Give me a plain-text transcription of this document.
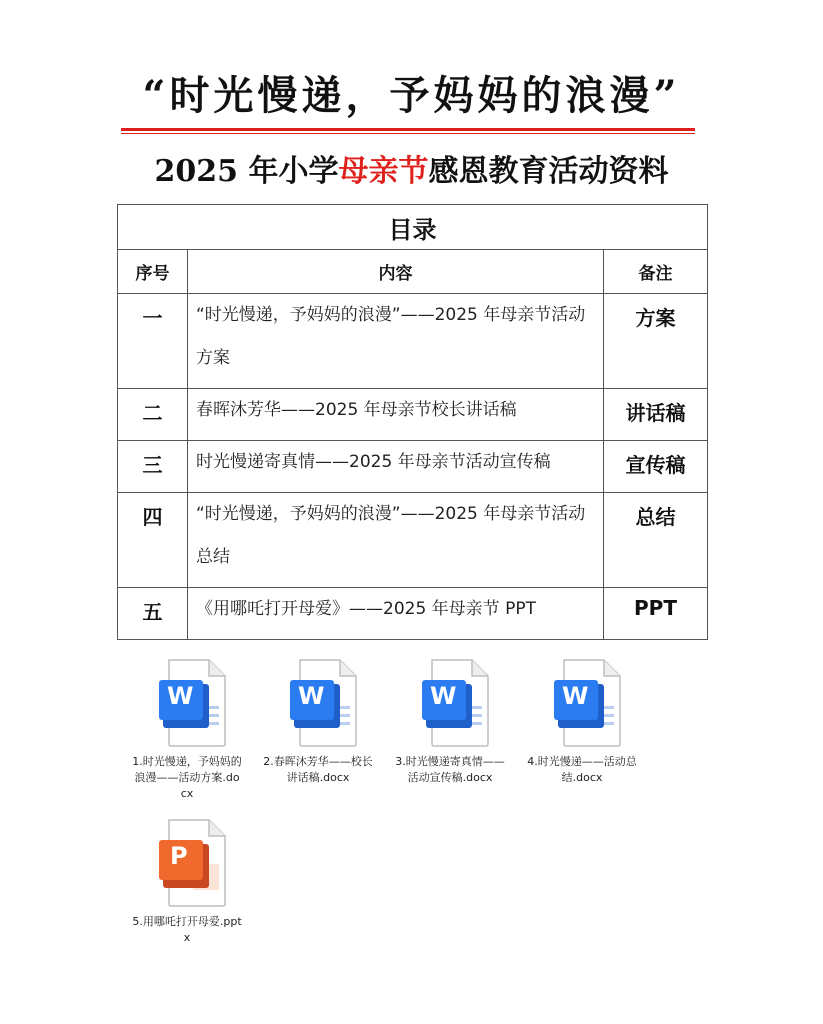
“时光慢递，予妈妈的浪漫”
2025 年小学母亲节感恩教育活动资料
目录		
序号	内容	备注
一	“时光慢递，予妈妈的浪漫”——2025 年母亲节活动方案	方案
二	春晖沐芳华——2025 年母亲节校长讲话稿	讲话稿
三	时光慢递寄真情——2025 年母亲节活动宣传稿	宣传稿
四	“时光慢递，予妈妈的浪漫”——2025 年母亲节活动总结	总结
五	《用哪吒打开母爱》——2025 年母亲节 PPT	PPT
W
1.时光慢递，予妈妈的浪漫——活动方案.docx
W
2.春晖沐芳华——校长讲话稿.docx
W
3.时光慢递寄真情——活动宣传稿.docx
W
4.时光慢递——活动总结.docx
P
5.用哪吒打开母爱.pptx
